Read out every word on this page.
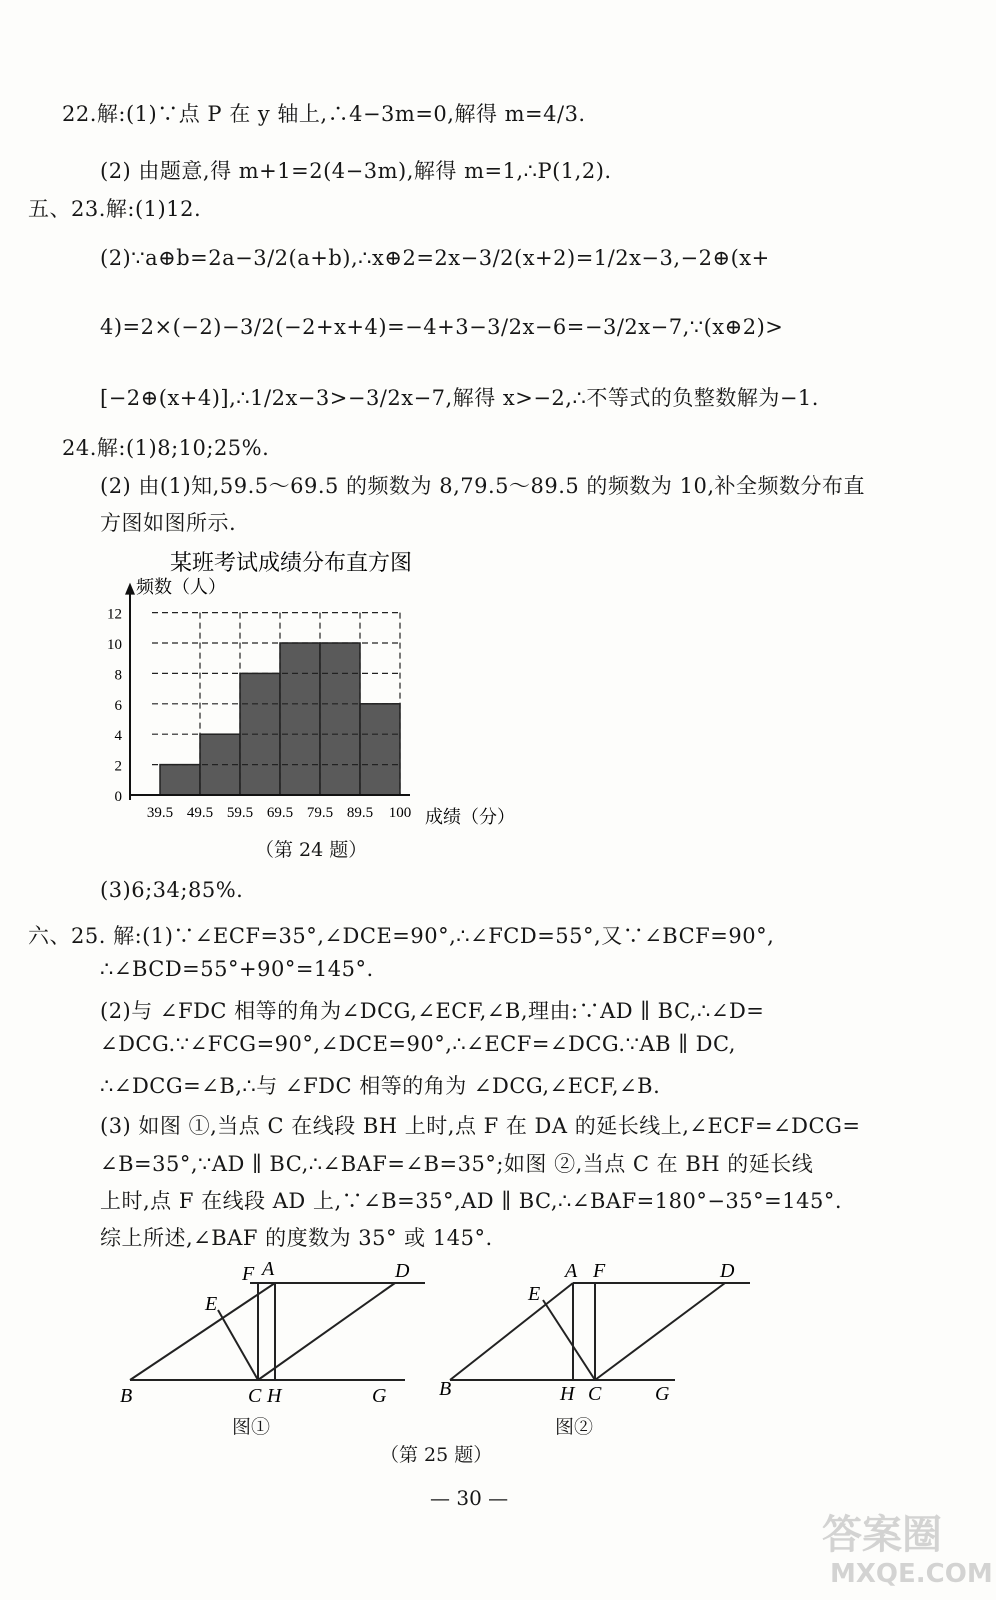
22.解:(1)∵点 P 在 y 轴上,∴4−3m=0,解得 m=4/3.
(2) 由题意,得 m+1=2(4−3m),解得 m=1,∴P(1,2).
五、23.解:(1)12.
(2)∵a⊕b=2a−3/2(a+b),∴x⊕2=2x−3/2(x+2)=1/2x−3,−2⊕(x+
4)=2×(−2)−3/2(−2+x+4)=−4+3−3/2x−6=−3/2x−7,∵(x⊕2)>
[−2⊕(x+4)],∴1/2x−3>−3/2x−7,解得 x>−2,∴不等式的负整数解为−1.
24.解:(1)8;10;25%.
(2) 由(1)知,59.5～69.5 的频数为 8,79.5～89.5 的频数为 10,补全频数分布直
方图如图所示.
某班考试成绩分布直方图
频数（人）
0
2
4
6
8
10
12
39.5 49.5 59.5 69.5 79.5 89.5 100 成绩（分）
（第 24 题）
(3)6;34;85%.
六、25. 解:(1)∵∠ECF=35°,∠DCE=90°,∴∠FCD=55°,又∵∠BCF=90°,
∴∠BCD=55°+90°=145°.
(2)与 ∠FDC 相等的角为∠DCG,∠ECF,∠B,理由:∵AD ∥ BC,∴∠D=
∠DCG.∵∠FCG=90°,∠DCE=90°,∴∠ECF=∠DCG.∵AB ∥ DC,
∴∠DCG=∠B,∴与 ∠FDC 相等的角为 ∠DCG,∠ECF,∠B.
(3) 如图 ①,当点 C 在线段 BH 上时,点 F 在 DA 的延长线上,∠ECF=∠DCG=
∠B=35°,∵AD ∥ BC,∴∠BAF=∠B=35°;如图 ②,当点 C 在 BH 的延长线
上时,点 F 在线段 AD 上,∵∠B=35°,AD ∥ BC,∴∠BAF=180°−35°=145°.
综上所述,∠BAF 的度数为 35° 或 145°.
F A	D
E
B	C H	G
图①
A F	D
E
B	H C	G
图②
（第 25 题）
— 30 —
答案圈
MXQE.COM
